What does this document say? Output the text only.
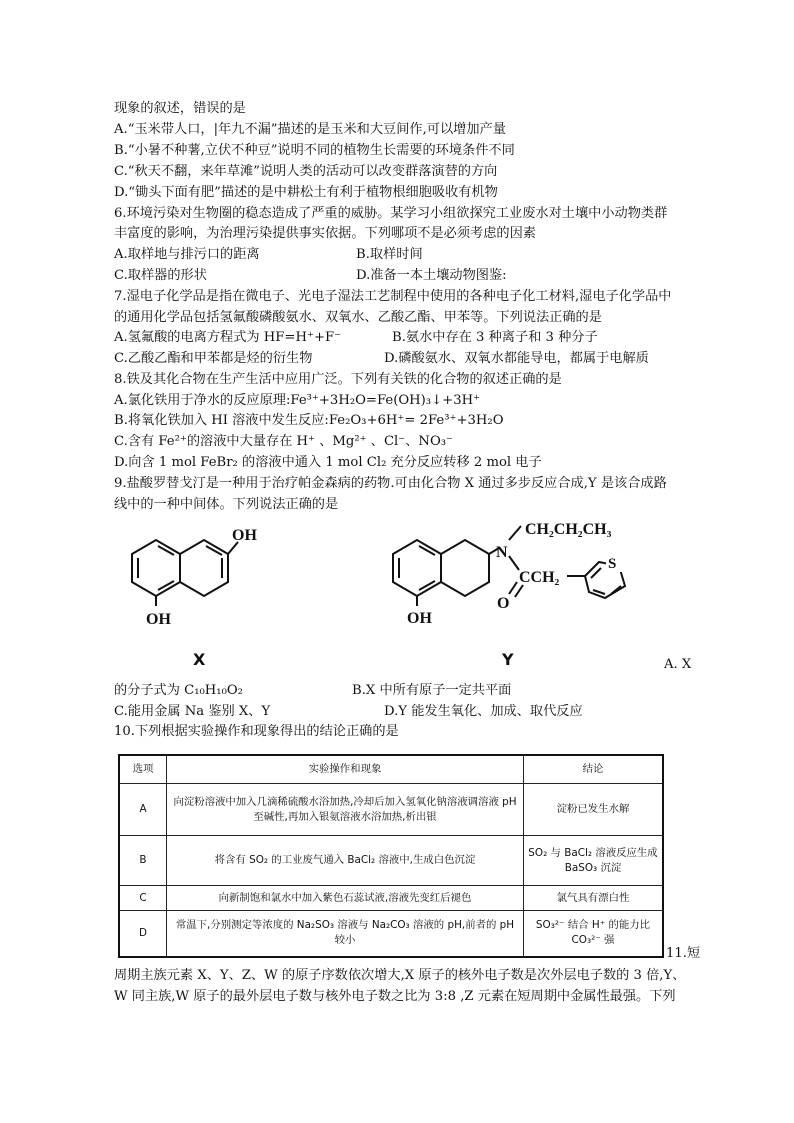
现象的叙述，错误的是
A.“玉米带人口，|年九不漏”描述的是玉米和大豆间作,可以增加产量
B.“小暑不种薯,立伏不种豆”说明不同的植物生长需要的环境条件不同
C.“秋天不翻，来年草滩”说明人类的活动可以改变群落演替的方向
D.“锄头下面有肥”描述的是中耕松土有利于植物根细胞吸收有机物
6.环境污染对生物圈的稳态造成了严重的威胁。某学习小组欲探究工业废水对土壤中小动物类群
丰富度的影响，为治理污染提供事实依据。下列哪项不是必须考虑的因素
A.取样地与排污口的距离	B.取样时间
C.取样器的形状	D.准备一本土壤动物图鉴:
7.湿电子化学品是指在微电子、光电子湿法工艺制程中使用的各种电子化工材料,湿电子化学品中
的通用化学品包括氢氟酸磷酸氨水、双氧水、乙酸乙酯、甲苯等。下列说法正确的是
A.氢氟酸的电离方程式为 HF=H⁺+F⁻	B.氨水中存在 3 种离子和 3 种分子
C.乙酸乙酯和甲苯都是烃的衍生物	D.磷酸氨水、双氧水都能导电，都属于电解质
8.铁及其化合物在生产生活中应用广泛。下列有关铁的化合物的叙述正确的是
A.氯化铁用于净水的反应原理:Fe³⁺+3H₂O=Fe(OH)₃↓+3H⁺
B.将氧化铁加入 HI 溶液中发生反应:Fe₂O₃+6H⁺= 2Fe³⁺+3H₂O
C.含有 Fe²⁺的溶液中大量存在 H⁺ 、Mg²⁺ 、Cl⁻、NO₃⁻
D.向含 1 mol FeBr₂ 的溶液中通入 1 mol Cl₂ 充分反应转移 2 mol 电子
9.盐酸罗替戈汀是一种用于治疗帕金森病的药物.可由化合物 X 通过多步反应合成,Y 是该合成路
线中的一种中间体。下列说法正确的是
OH
OH
X
S
N
CH₂CH₂CH₃
CCH₂
O
OH
Y	A. X
的分子式为 C₁₀H₁₀O₂	B.X 中所有原子一定共平面
C.能用金属 Na 鉴别 X、Y	D.Y 能发生氧化、加成、取代反应
10.下列根据实验操作和现象得出的结论正确的是
选项	实验操作和现象	结论
A	向淀粉溶液中加入几滴稀硫酸水浴加热,冷却后加入氢氧化钠溶液调溶液 pH 至碱性,再加入银氨溶液水浴加热,析出银	淀粉已发生水解
B	将含有 SO₂ 的工业废气通入 BaCl₂ 溶液中,生成白色沉淀	SO₂ 与 BaCl₂ 溶液反应生成 BaSO₃ 沉淀
C	向新制饱和氯水中加入紫色石蕊试液,溶液先变红后褪色	氯气具有漂白性
D	常温下,分别测定等浓度的 Na₂SO₃ 溶液与 Na₂CO₃ 溶液的 pH,前者的 pH 较小	SO₃²⁻ 结合 H⁺ 的能力比 CO₃²⁻ 强
11.短
周期主族元素 X、Y、Z、W 的原子序数依次增大,X 原子的核外电子数是次外层电子数的 3 倍,Y、
W 同主族,W 原子的最外层电子数与核外电子数之比为 3:8 ,Z 元素在短周期中金属性最强。下列
